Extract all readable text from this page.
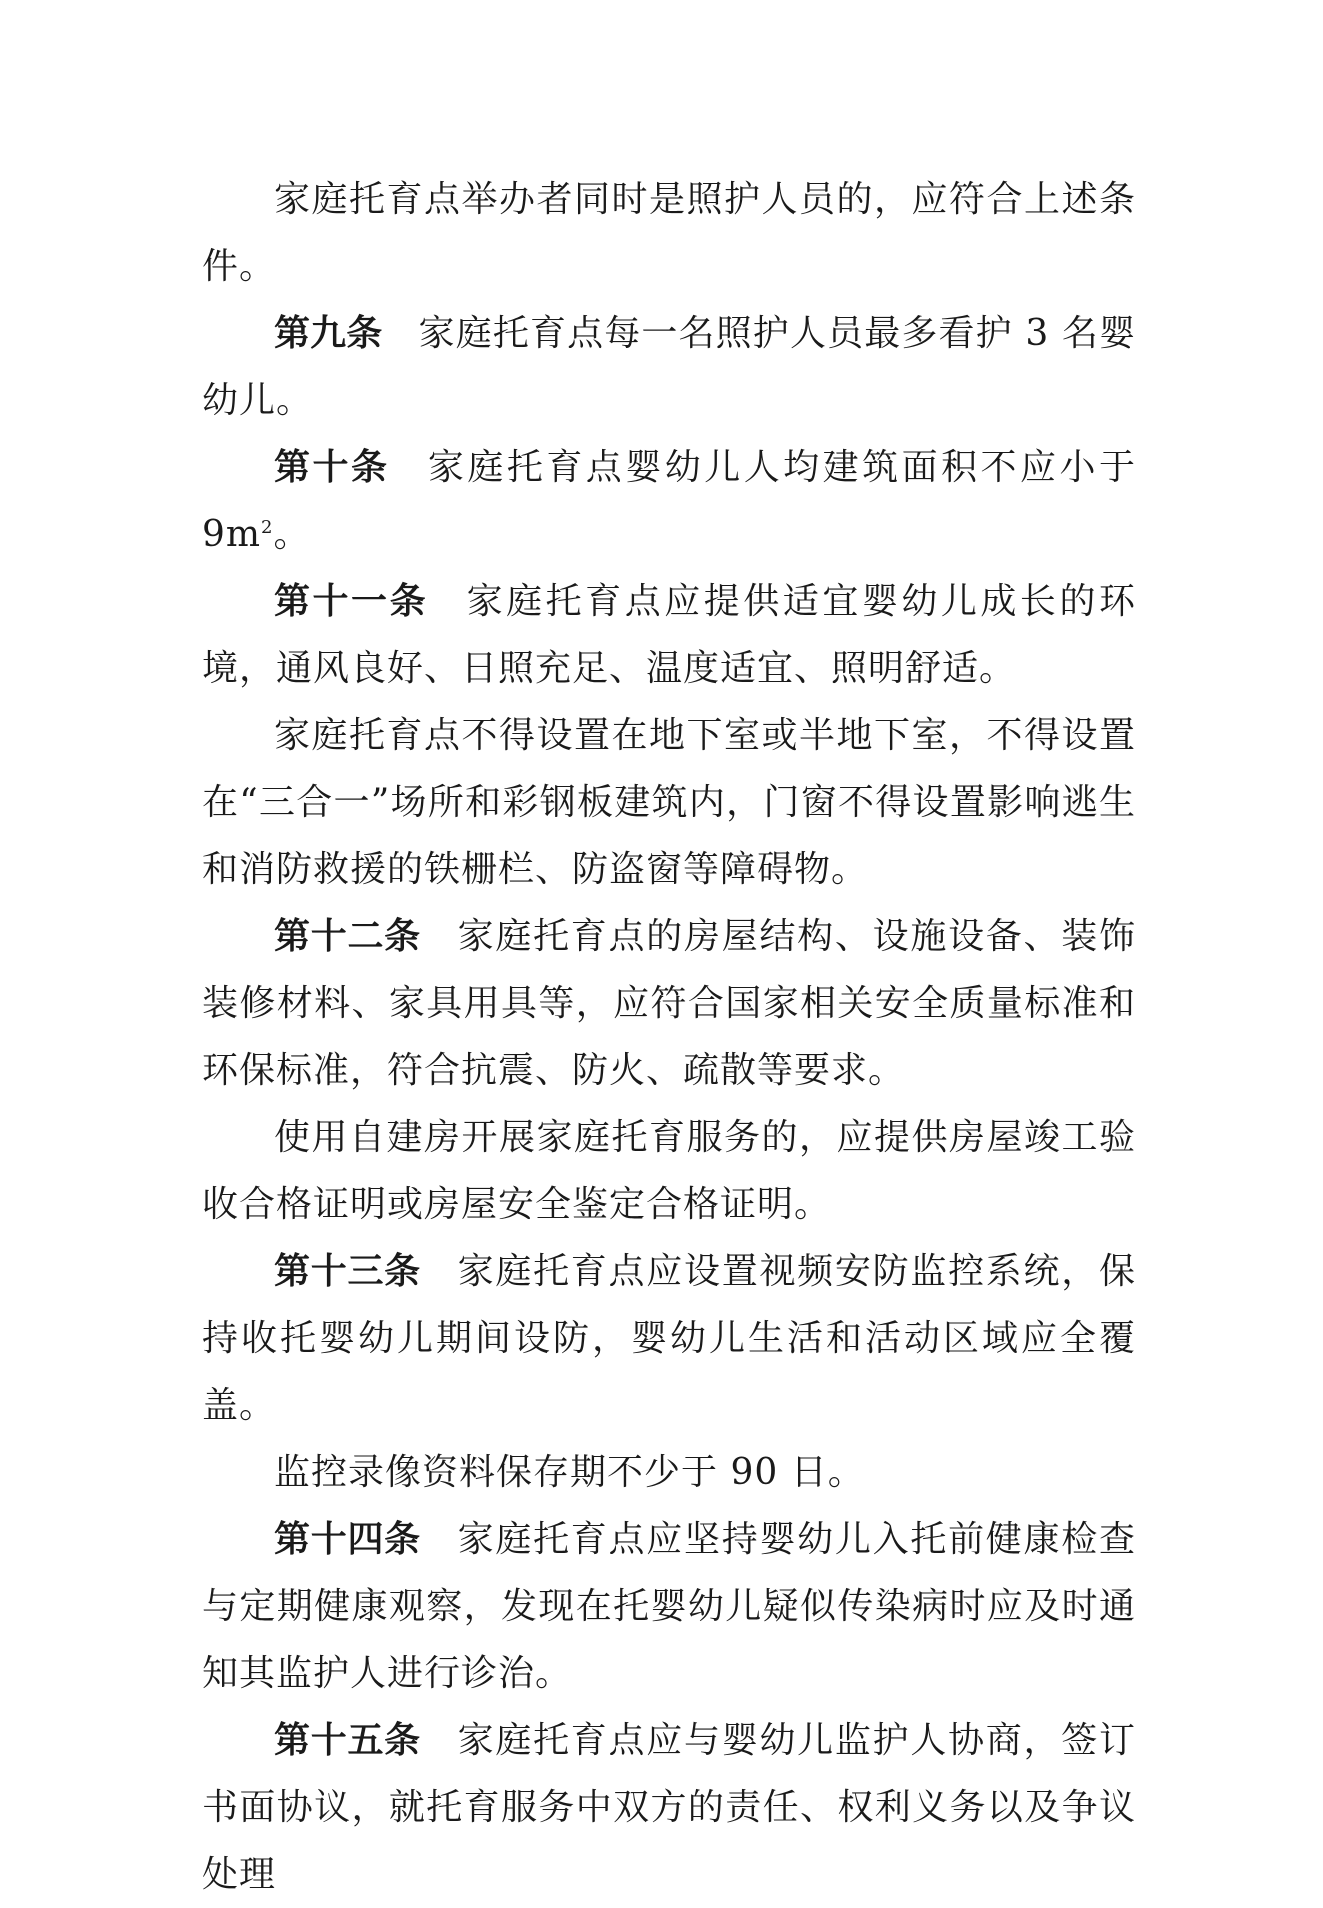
家庭托育点举办者同时是照护人员的，应符合上述条件。

第九条 家庭托育点每一名照护人员最多看护 3 名婴幼儿。

第十条 家庭托育点婴幼儿人均建筑面积不应小于 $9m^2$。

第十一条 家庭托育点应提供适宜婴幼儿成长的环境，通风良好、日照充足、温度适宜、照明舒适。

家庭托育点不得设置在地下室或半地下室，不得设置在“三合一”场所和彩钢板建筑内，门窗不得设置影响逃生和消防救援的铁栅栏、防盗窗等障碍物。

第十二条 家庭托育点的房屋结构、设施设备、装饰装修材料、家具用具等，应符合国家相关安全质量标准和环保标准，符合抗震、防火、疏散等要求。

使用自建房开展家庭托育服务的，应提供房屋竣工验收合格证明或房屋安全鉴定合格证明。

第十三条 家庭托育点应设置视频安防监控系统，保持收托婴幼儿期间设防，婴幼儿生活和活动区域应全覆盖。

监控录像资料保存期不少于 90 日。

第十四条 家庭托育点应坚持婴幼儿入托前健康检查与定期健康观察，发现在托婴幼儿疑似传染病时应及时通知其监护人进行诊治。

第十五条 家庭托育点应与婴幼儿监护人协商，签订书面协议，就托育服务中双方的责任、权利义务以及争议处理
